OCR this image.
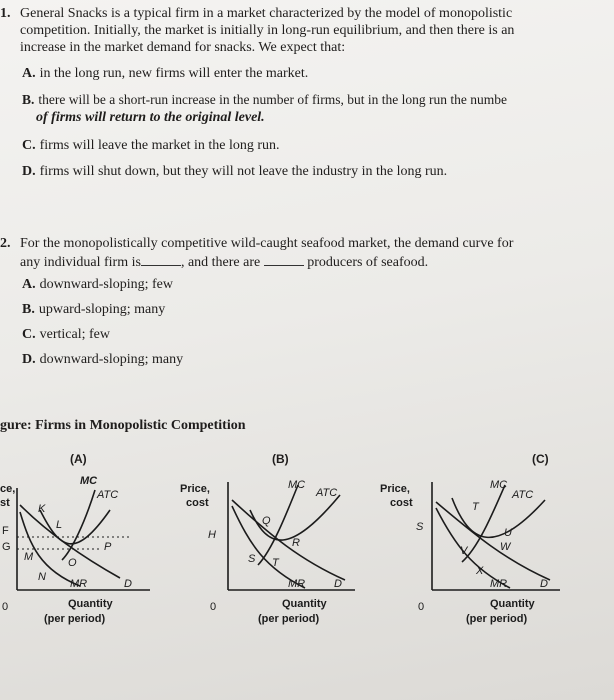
1. General Snacks is a typical firm in a market characterized by the model of monopolistic
competition. Initially, the market is initially in long-run equilibrium, and then there is an
increase in the market demand for snacks. We expect that:
A. in the long run, new firms will enter the market.
B. there will be a short-run increase in the number of firms, but in the long run the numbe
of firms will return to the original level.
C. firms will leave the market in the long run.
D. firms will shut down, but they will not leave the industry in the long run.
2. For the monopolistically competitive wild-caught seafood market, the demand curve for
any individual firm is	, and there are	producers of seafood.
A. downward-sloping; few
B. upward-sloping; many
C. vertical; few
D. downward-sloping; many
gure: Firms in Monopolistic Competition
(A)	(B)	(C)
ce,
st
F
G
MC
ATC
K
L
M	O
P
N
MR	D
0	Quantity
(per period)
Price,
cost
MC
ATC
H
Q
R
S T
MR	D
0	Quantity
(per period)
Price,
cost
MC
ATC
T
U
S
V	W
X
MR	D
0	Quantity
(per period)
